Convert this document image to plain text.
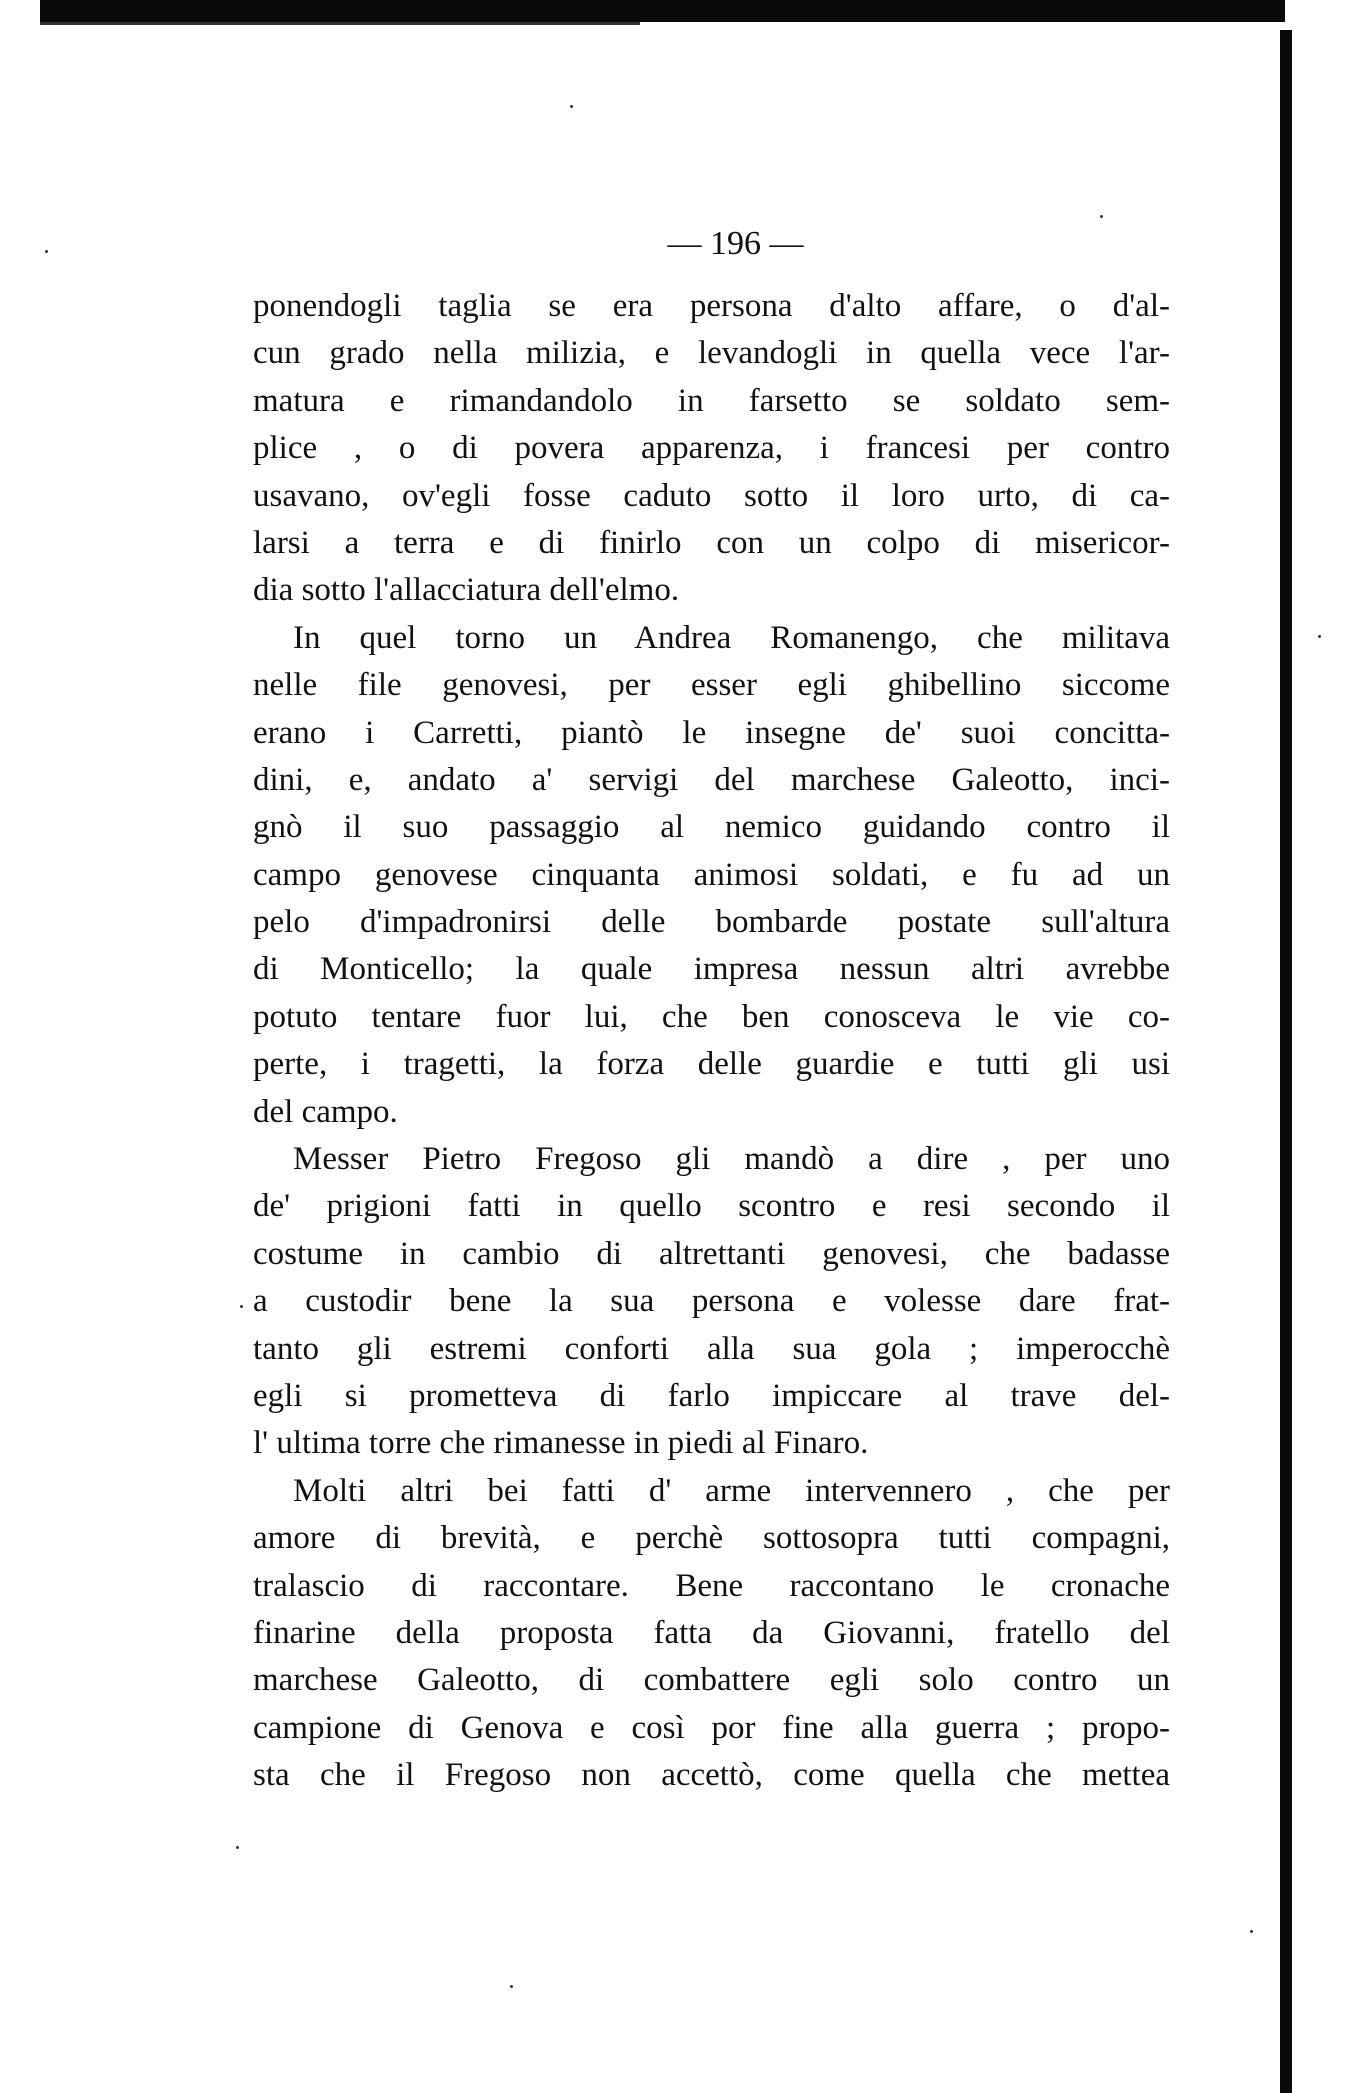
— 196 —
ponendogli taglia se era persona d'alto affare, o d'al-
cun grado nella milizia, e levandogli in quella vece l'ar-
matura e rimandandolo in farsetto se soldato sem-
plice , o di povera apparenza, i francesi per contro
usavano, ov'egli fosse caduto sotto il loro urto, di ca-
larsi a terra e di finirlo con un colpo di misericor-
dia sotto l'allacciatura dell'elmo.
In quel torno un Andrea Romanengo, che militava
nelle file genovesi, per esser egli ghibellino siccome
erano i Carretti, piantò le insegne de' suoi concitta-
dini, e, andato a' servigi del marchese Galeotto, inci-
gnò il suo passaggio al nemico guidando contro il
campo genovese cinquanta animosi soldati, e fu ad un
pelo d'impadronirsi delle bombarde postate sull'altura
di Monticello; la quale impresa nessun altri avrebbe
potuto tentare fuor lui, che ben conosceva le vie co-
perte, i tragetti, la forza delle guardie e tutti gli usi
del campo.
Messer Pietro Fregoso gli mandò a dire , per uno
de' prigioni fatti in quello scontro e resi secondo il
costume in cambio di altrettanti genovesi, che badasse
a custodir bene la sua persona e volesse dare frat-
tanto gli estremi conforti alla sua gola ; imperocchè
egli si prometteva di farlo impiccare al trave del-
l' ultima torre che rimanesse in piedi al Finaro.
Molti altri bei fatti d' arme intervennero , che per
amore di brevità, e perchè sottosopra tutti compagni,
tralascio di raccontare. Bene raccontano le cronache
finarine della proposta fatta da Giovanni, fratello del
marchese Galeotto, di combattere egli solo contro un
campione di Genova e così por fine alla guerra ; propo-
sta che il Fregoso non accettò, come quella che mettea
